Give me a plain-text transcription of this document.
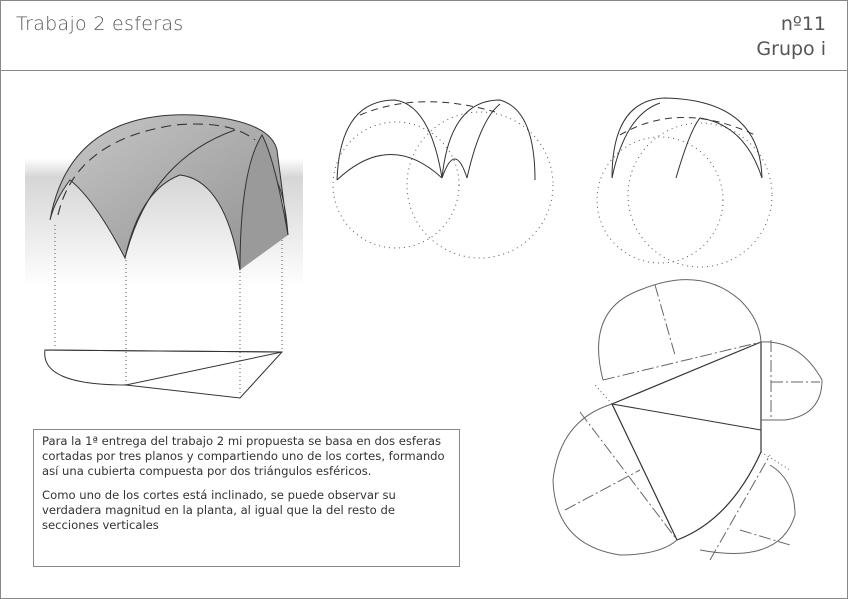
Trabajo 2 esferas	nº11
Grupo i

Para la 1ª entrega del trabajo 2 mi propuesta se basa en dos esferas cortadas por tres planos y compartiendo uno de los cortes, formando así una cubierta compuesta por dos triángulos esféricos.

Como uno de los cortes está inclinado, se puede observar su verdadera magnitud en la planta, al igual que la del resto de secciones verticales
